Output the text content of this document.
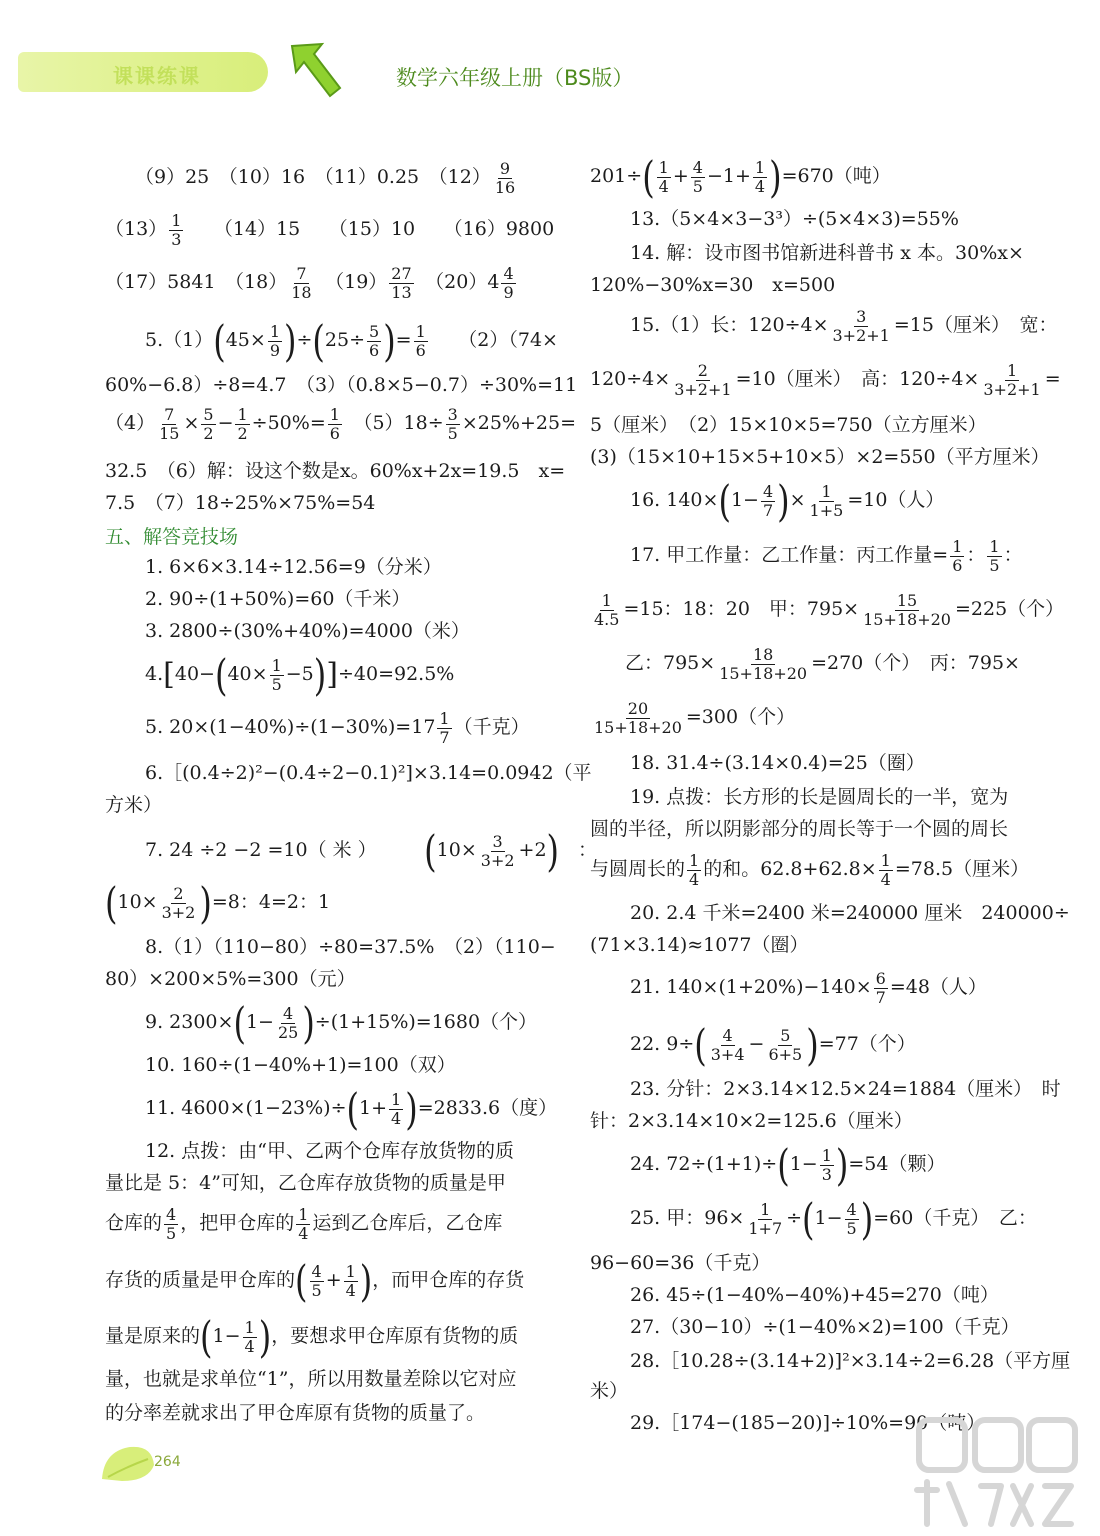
课课练课	数学六年级上册（BS版）
（9）25　 （10）16　 （11）0.25　 $(12) \frac{9}{16}$
$(13) \frac{1}{3}$
　　 （14）15　　 （15）10　　 （16）9800
（17）5841　 $(18) \frac{7}{18}$
　 $(19) \frac{27}{13}$
　 $(20)4 \frac{4}{9}$
$5.(1)(45\times \frac{1}{9} )\div(25\div \frac{5}{6}$ )= $\frac{1}{6}$
　　 （2）（74×
60%−6.8）÷8=4.7　（3）（0.8×5−0.7）÷30%=11
$(4) \frac{7}{15} \times \frac{5}{2} - \frac{1}{2} \div 50\%= \frac{1}{6}$
　 $(5)18\div \frac{3}{5} \times 25\%+25=$
32.5　（6）解：设这个数是x。60%x+2x=19.5　x=
7.5　（7）18÷25%×75%=54
五、解答竞技场
1. 6×6×3.14÷12.56=9（分米）
2. 90÷(1+50%)=60（千米）
3. 2800÷(30%+40%)=4000（米）
$4.[40-(40\times \frac{1}{5} -5)]\div 40=92.5\%$
5. $20\times(1-40\%)\div(1-30\%)=17 \frac{1}{7}$ （千克）
6.［(0.4÷2)²−(0.4÷2−0.1)²]×3.14=0.0942（平
方米）
7. 24 ÷2 −2 =10（ 米 ）　　　 $(10\times \frac{3}{3+2} +2)$　 ：
$(10\times \frac{2}{3+2} )=8$：4=2：1
8.（1）（110−80）÷80=37.5%　（2）（110−
80）×200×5%=300（元）
9. $2300\times(1- \frac{4}{25} )\div(1+15\%)=1680$（个）
10. 160÷(1−40%+1)=100（双）
11. $4600\times(1-23\%)\div(1+ \frac{1}{4} )=2833.6$（度）
12. 点拨：由“甲、乙两个仓库存放货物的质
量比是 5：4”可知，乙仓库存放货物的质量是甲
仓库的 $\frac{4}{5}$ ，把甲仓库的 $\frac{1}{4}$ 运到乙仓库后，乙仓库
存货的质量是甲仓库的( $\frac{4}{5} + \frac{1}{4}$ )，而甲仓库的存货
量是原来的($1- \frac{1}{4}$ )，要想求甲仓库原有货物的质
量，也就是求单位“1”，所以用数量差除以它对应
的分率差就求出了甲仓库原有货物的质量了。
$201\div( \frac{1}{4} + \frac{4}{5} -1+ \frac{1}{4} )=670$（吨）
13.（5×4×3−3³）÷(5×4×3)=55%
14. 解：设市图书馆新进科普书 x 本。30%x×
120%−30%x=30　x=500
15.（1）长：$120\div 4\times \frac{3}{3+2+1} =15$（厘米）　宽：
$120\div 4\times \frac{2}{3+2+1} =10$（厘米）　高：$120\div 4\times \frac{1}{3+2+1}$ =
5（厘米）　（2）15×10×5=750（立方厘米）
(3)（15×10+15×5+10×5）×2=550（平方厘米）
16. $140\times(1- \frac{4}{7}$ )× $\frac{1}{1+5} =10$（人）
17. 甲工作量：乙工作量：丙工作量= $\frac{1}{6}$ ： $\frac{1}{5}$ ：
$\frac{1}{4.5} =15$：18：20　甲：$795\times \frac{15}{15+18+20} =225$（个）
乙：$795\times \frac{18}{15+18+20} =270$（个）　丙：795×
$\frac{20}{15+18+20} =300$（个）
18. 31.4÷(3.14×0.4)=25（圈）
19. 点拨：长方形的长是圆周长的一半，宽为
圆的半径，所以阴影部分的周长等于一个圆的周长
与圆周长的 $\frac{1}{4}$ 的和。$62.8+62.8\times \frac{1}{4} =78.5$（厘米）
20. 2.4 千米=2400 米=240000 厘米　240000÷
(71×3.14)≈1077（圈）
21. $140\times(1+20\%)-140\times \frac{6}{7} =48$（人）
22. $9\div( \frac{4}{3+4} - \frac{5}{6+5} )=77$（个）
23. 分针：2×3.14×12.5×24=1884（厘米）　时
针：2×3.14×10×2=125.6（厘米）
24. $72\div(1+1)\div(1- \frac{1}{3} )=54$（颗）
25. 甲：$96\times \frac{1}{1+7} \div(1- \frac{4}{5} )=60$（千克）　乙：
96−60=36（千克）
26. 45÷(1−40%−40%)+45=270（吨）
27.（30−10）÷(1−40%×2)=100（千克）
28.［10.28÷(3.14+2)]²×3.14÷2=6.28（平方厘
米）
29.［174−(185−20)]÷10%=90（吨）
264
